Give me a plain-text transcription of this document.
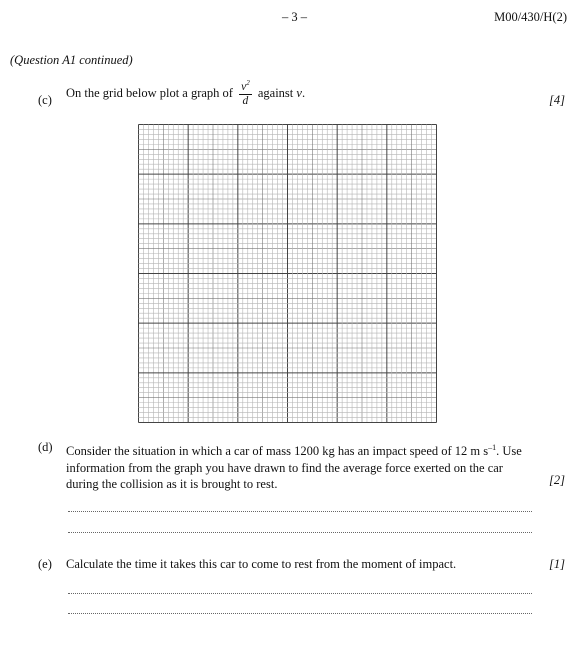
– 3 –	M00/430/H(2)
(Question A1 continued)
(c)
On the grid below plot a graph of $\frac{v^2}{d}$ against v.
[4]
(d) Consider the situation in which a car of mass 1200 kg has an impact speed of 12 m $s^{-1}$. Use
information from the graph you have drawn to find the average force exerted on the car
during the collision as it is brought to rest.	[2]
(e) Calculate the time it takes this car to come to rest from the moment of impact.	[1]
